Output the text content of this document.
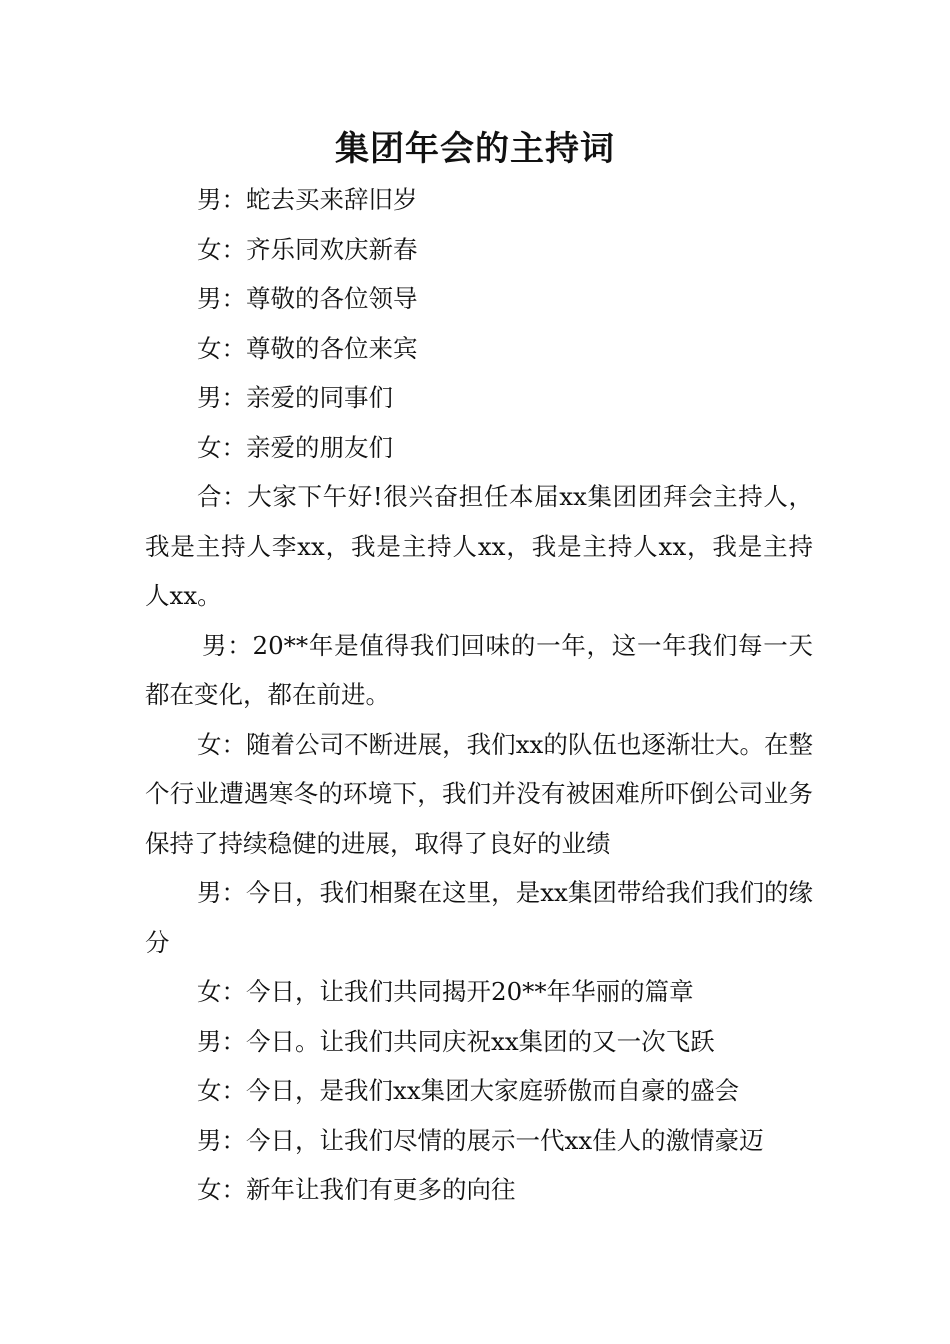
集团年会的主持词

男：蛇去买来辞旧岁

女：齐乐同欢庆新春

男：尊敬的各位领导

女：尊敬的各位来宾

男：亲爱的同事们

女：亲爱的朋友们

合：大家下午好!很兴奋担任本届xx集团团拜会主持人，我是主持人李xx，我是主持人xx，我是主持人xx，我是主持人xx。

男：20**年是值得我们回味的一年，这一年我们每一天都在变化，都在前进。

女：随着公司不断进展，我们xx的队伍也逐渐壮大。在整个行业遭遇寒冬的环境下，我们并没有被困难所吓倒公司业务保持了持续稳健的进展，取得了良好的业绩

男：今日，我们相聚在这里，是xx集团带给我们我们的缘分

女：今日，让我们共同揭开20**年华丽的篇章

男：今日。让我们共同庆祝xx集团的又一次飞跃

女：今日，是我们xx集团大家庭骄傲而自豪的盛会

男：今日，让我们尽情的展示一代xx佳人的激情豪迈

女：新年让我们有更多的向往
